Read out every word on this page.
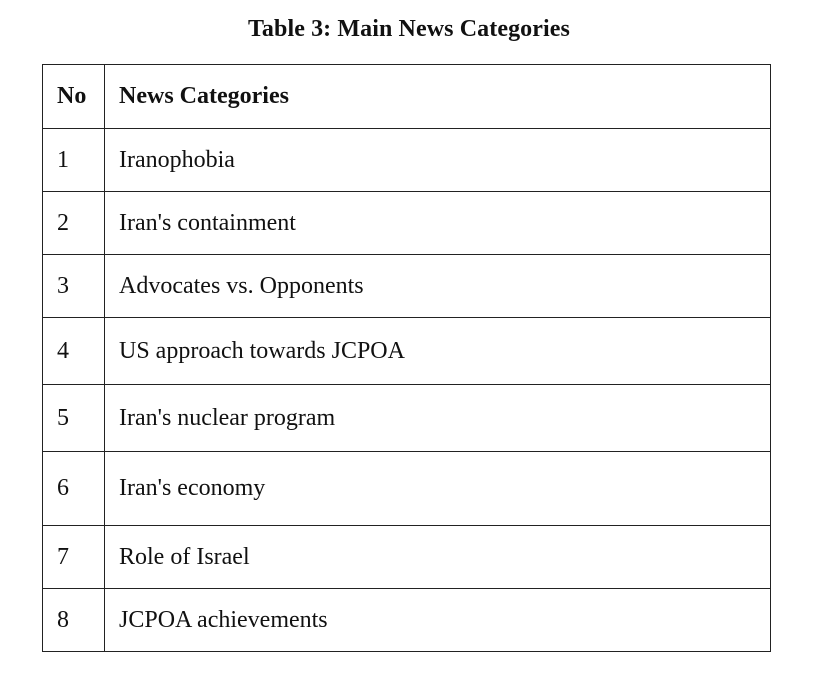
Table 3: Main News Categories
No	News Categories
1	Iranophobia
2	Iran's containment
3	Advocates vs. Opponents
4	US approach towards JCPOA
5	Iran's nuclear program
6	Iran's economy
7	Role of Israel
8	JCPOA achievements
